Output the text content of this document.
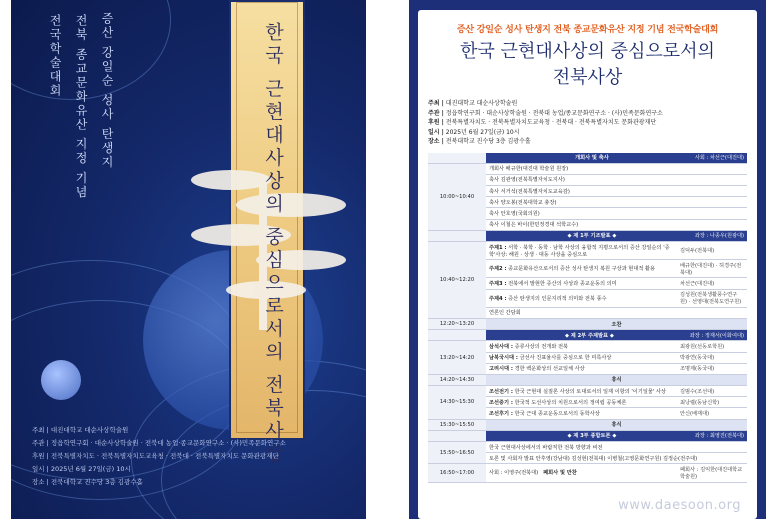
한국 근현대사상의 중심으로서의 전북사상
증산 강일순 성사 탄생지
전북 종교문화유산 지정 기념
전국학술대회
주최 | 대진대학교 대순사상학술원
주관 | 정읍학연구회 · 대순사상학술원 · 전북대 농업·종교문화연구소 · (사)민족문화연구소
후원 | 전북특별자치도 · 전북특별자치도교육청 · 전북대 · 전북특별자치도 문화관광재단
일시 | 2025년 6월 27일(금) 10시
장소 | 전북대학교 진수당 3층 김광수홀
증산 강일순 성사 탄생지 전북 종교문화유산 지정 기념 전국학술대회
한국 근현대사상의 중심으로서의
전북사상
주최 | 대진대학교 대순사상학술원
주관 | 정읍학연구회 · 대순사상학술원 · 전북대 농업/종교문화연구소 · (사)민족문화연구소
후원 | 전북특별자치도 · 전북특별자치도교육청 · 전북대 · 전북특별자치도 문화관광재단
일시 | 2025년 6월 27일(금) 10시
장소 | 전북대학교 진수당 3층 김광수홀
	개회사 및 축사 사회 : 차선근(대진대)	

10:00~10:40	개회사 배규한(대진대 학술원 원장)	
	축사 김관영(전북특별자치도지사)	
	축사 서거석(전북특별자치도교육감)	
	축사 양오봉(전북대학교 총장)	
	축사 안호영(국회의원)	
	축사 이철은 바이(한민정경대 석학교수)	
	◆ 제 1부 기조발표 ◆ 좌장 : 나종우(원광대)	

10:40~12:20	주제1 : 서학 · 북학 · 동학 · 남학 사상의 융합적 지평으로서의 증산 강일순의 '증학'사상: 해원 · 상생 · 대동 사상을 중심으로	김덕두(전북대)
	주제2 : 종교문화유산으로서의 증산 성사 탄생지 복원 구상과 현대적 활용	배규한(대진대) · 허경주(전북대)
	주제3 : 전북에서 발현한 증산의 사상과 종교운동의 의미	차선근(대진대)
	주제4 : 증산 탄생지의 인문지리적 의미와 전북 풍수	김성원(전북생활풍수연구원) · 선영대(전북도연구원)
	연론인 간담회	
12:20~13:20	오찬	
	◆ 제 2부 주제발표 ◆ 좌장 : 정재서(이화여대)	

13:20~14:20	삼석사대 : 증류사상의 전개와 전북	최광원(선동로학원)
	남북국시대 : 금선사 진표율사를 중심으로 한 미륵사상	박광연(동국대)
	고려시대 : 경한 백운화상의 선교일체 사상	조명제(동국대)
14:20~14:30	휴식	
14:30~15:30	조선전기 : 한국 근현대 실질론 사상의 토대로서의 일재 이항의 '이기일물' 사상	김범수(조선대)
	조선중기 : 한국적 도선사상의 치원으로서의 정여립 공동체론	최낭렬(동남신학)
	조선후기 : 한국 근대 종교운동으로서의 동학사상	안신(배재대)
15:30~15:50	휴식	
	◆ 제 3부 종합토론 ◆ 좌장 : 최영진(전북대)	

15:50~16:50	한국 근현대사상에서의 바람직한 전북 방향과 비전	
	토론 및 사회자 발표 안후영(강남대) 김성현(전북대) 이병철(고영문화연구원) 김정순(전주대)	
16:50~17:00	사회 : 이영주(전북대) 폐회사 및 만찬	폐회사 : 김익한(대진대학교학술원)
www.daesoon.org
